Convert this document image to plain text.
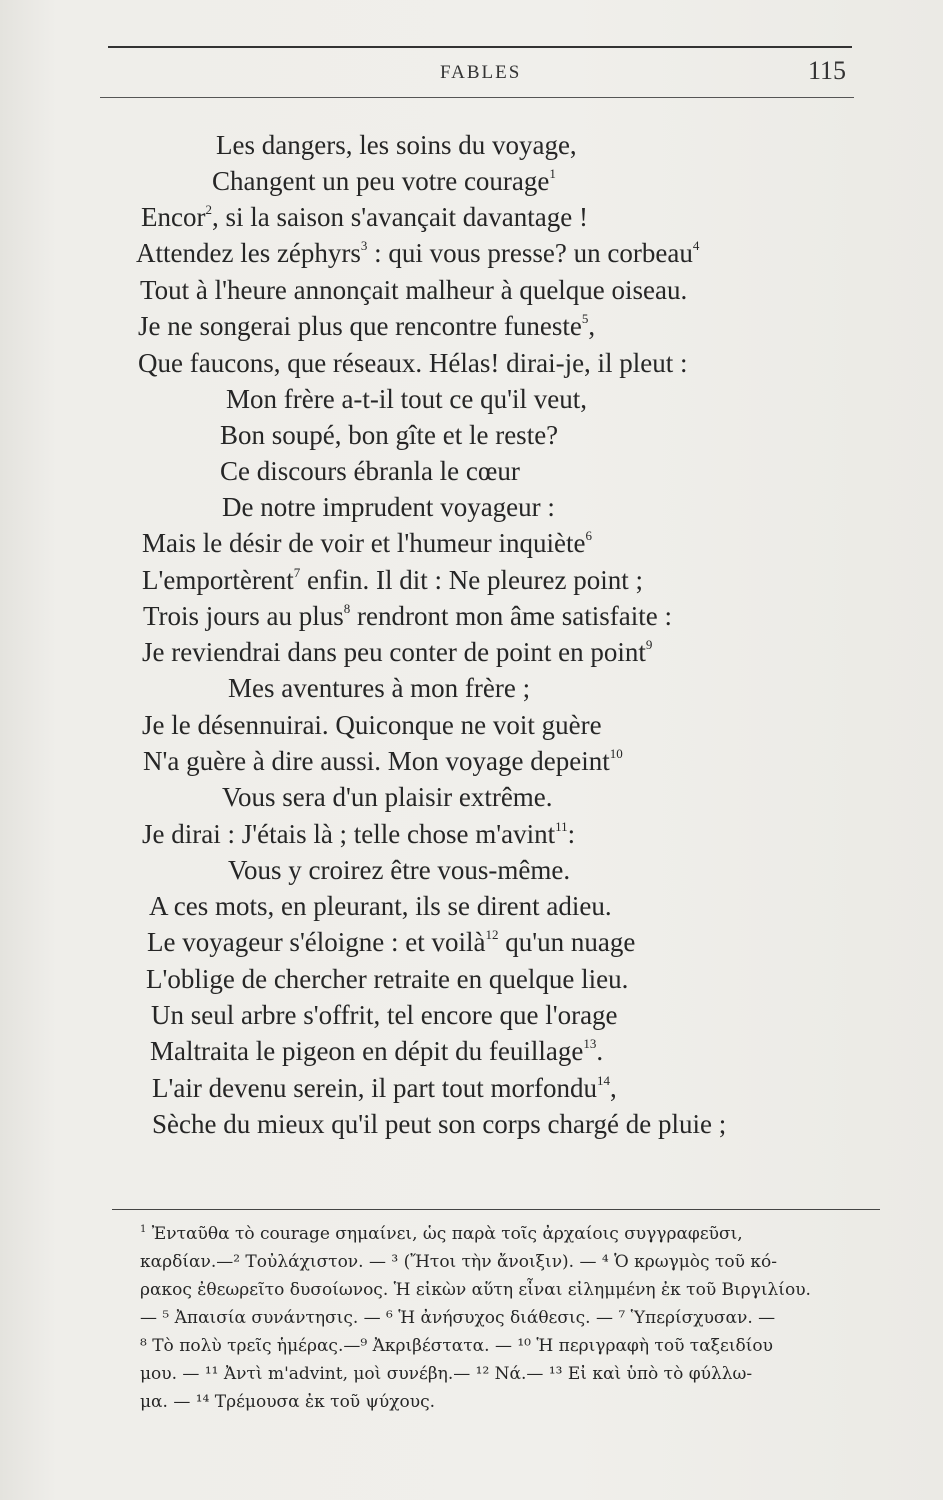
FABLES	115
Les dangers, les soins du voyage,
Changent un peu votre courage$^1$
Encor$^2$, si la saison s'avançait davantage !
Attendez les zéphyrs$^3$ : qui vous presse? un corbeau$^4$
Tout à l'heure annonçait malheur à quelque oiseau.
Je ne songerai plus que rencontre funeste$^5$,
Que faucons, que réseaux. Hélas! dirai-je, il pleut :
Mon frère a-t-il tout ce qu'il veut,
Bon soupé, bon gîte et le reste?
Ce discours ébranla le cœur
De notre imprudent voyageur :
Mais le désir de voir et l'humeur inquiète$^6$
L'emportèrent$^7$ enfin. Il dit : Ne pleurez point ;
Trois jours au plus$^8$ rendront mon âme satisfaite :
Je reviendrai dans peu conter de point en point$^9$
Mes aventures à mon frère ;
Je le désennuirai. Quiconque ne voit guère
N'a guère à dire aussi. Mon voyage depeint$^{10}$
Vous sera d'un plaisir extrême.
Je dirai : J'étais là ; telle chose m'avint$^{11}$:
Vous y croirez être vous-même.
A ces mots, en pleurant, ils se dirent adieu.
Le voyageur s'éloigne : et voilà$^{12}$ qu'un nuage
L'oblige de chercher retraite en quelque lieu.
Un seul arbre s'offrit, tel encore que l'orage
Maltraita le pigeon en dépit du feuillage$^{13}$.
L'air devenu serein, il part tout morfondu$^{14}$,
Sèche du mieux qu'il peut son corps chargé de pluie ;
$^1$ Ἐνταῦθα τὸ courage σημαίνει, ὡς παρὰ τοῖς ἀρχαίοις συγγραφεῦσι,
καρδίαν.—² Τοὐλάχιστον. — ³ (Ἤτοι τὴν ἄνοιξιν). — ⁴ Ὁ κρωγμὸς τοῦ κό-
ρακος ἐθεωρεῖτο δυσοίωνος. Ἡ εἰκὼν αὕτη εἶναι εἰλημμένη ἐκ τοῦ Βιργιλίου.
— ⁵ Ἀπαισία συνάντησις. — ⁶ Ἡ ἀνήσυχος διάθεσις. — ⁷ Ὑπερίσχυσαν. —
⁸ Τὸ πολὺ τρεῖς ἡμέρας.—⁹ Ἀκριβέστατα. — ¹⁰ Ἡ περιγραφὴ τοῦ ταξειδίου
μου. — ¹¹ Ἀντὶ m'advint, μοὶ συνέβη.— ¹² Νά.— ¹³ Εἰ καὶ ὑπὸ τὸ φύλλω-
μα. — ¹⁴ Τρέμουσα ἐκ τοῦ ψύχους.
